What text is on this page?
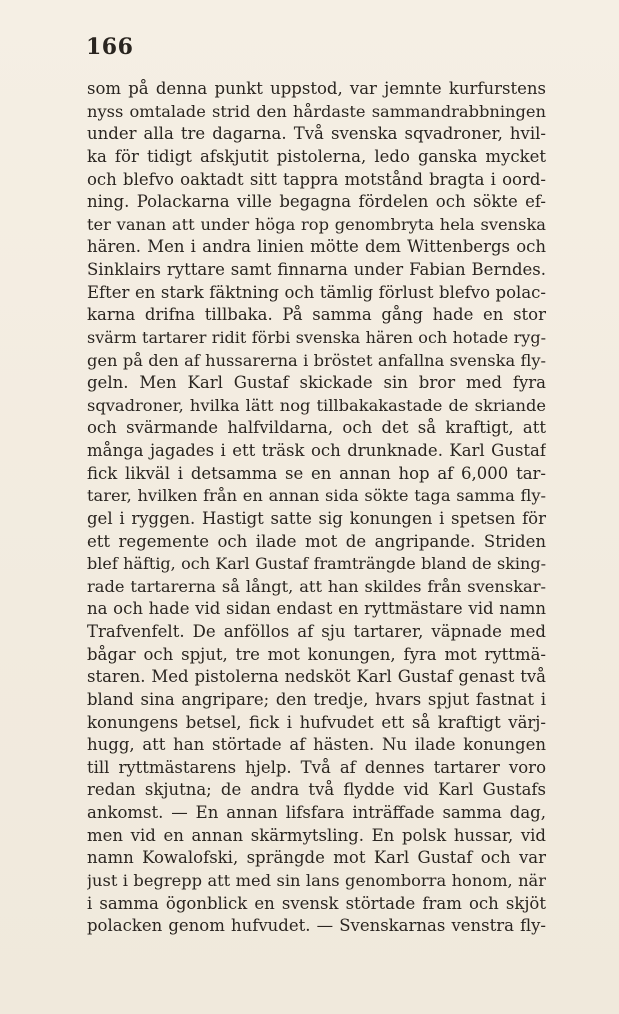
166
som på denna punkt uppstod, var jemnte kurfurstens
nyss omtalade strid den hårdaste sammandrabbningen
under alla tre dagarna. Två svenska sqvadroner, hvil-
ka för tidigt afskjutit pistolerna, ledo ganska mycket
och blefvo oaktadt sitt tappra motstånd bragta i oord-
ning. Polackarna ville begagna fördelen och sökte ef-
ter vanan att under höga rop genombryta hela svenska
hären. Men i andra linien mötte dem Wittenbergs och
Sinklairs ryttare samt finnarna under Fabian Berndes.
Efter en stark fäktning och tämlig förlust blefvo polac-
karna drifna tillbaka. På samma gång hade en stor
svärm tartarer ridit förbi svenska hären och hotade ryg-
gen på den af hussarerna i bröstet anfallna svenska fly-
geln. Men Karl Gustaf skickade sin bror med fyra
sqvadroner, hvilka lätt nog tillbakakastade de skriande
och svärmande halfvildarna, och det så kraftigt, att
många jagades i ett träsk och drunknade. Karl Gustaf
fick likväl i detsamma se en annan hop af 6,000 tar-
tarer, hvilken från en annan sida sökte taga samma fly-
gel i ryggen. Hastigt satte sig konungen i spetsen för
ett regemente och ilade mot de angripande. Striden
blef häftig, och Karl Gustaf framträngde bland de sking-
rade tartarerna så långt, att han skildes från svenskar-
na och hade vid sidan endast en ryttmästare vid namn
Trafvenfelt. De anföllos af sju tartarer, väpnade med
bågar och spjut, tre mot konungen, fyra mot ryttmä-
staren. Med pistolerna nedsköt Karl Gustaf genast två
bland sina angripare; den tredje, hvars spjut fastnat i
konungens betsel, fick i hufvudet ett så kraftigt värj-
hugg, att han störtade af hästen. Nu ilade konungen
till ryttmästarens hjelp. Två af dennes tartarer voro
redan skjutna; de andra två flydde vid Karl Gustafs
ankomst. — En annan lifsfara inträffade samma dag,
men vid en annan skärmytsling. En polsk hussar, vid
namn Kowalofski, sprängde mot Karl Gustaf och var
just i begrepp att med sin lans genomborra honom, när
i samma ögonblick en svensk störtade fram och skjöt
polacken genom hufvudet. — Svenskarnas venstra fly-
